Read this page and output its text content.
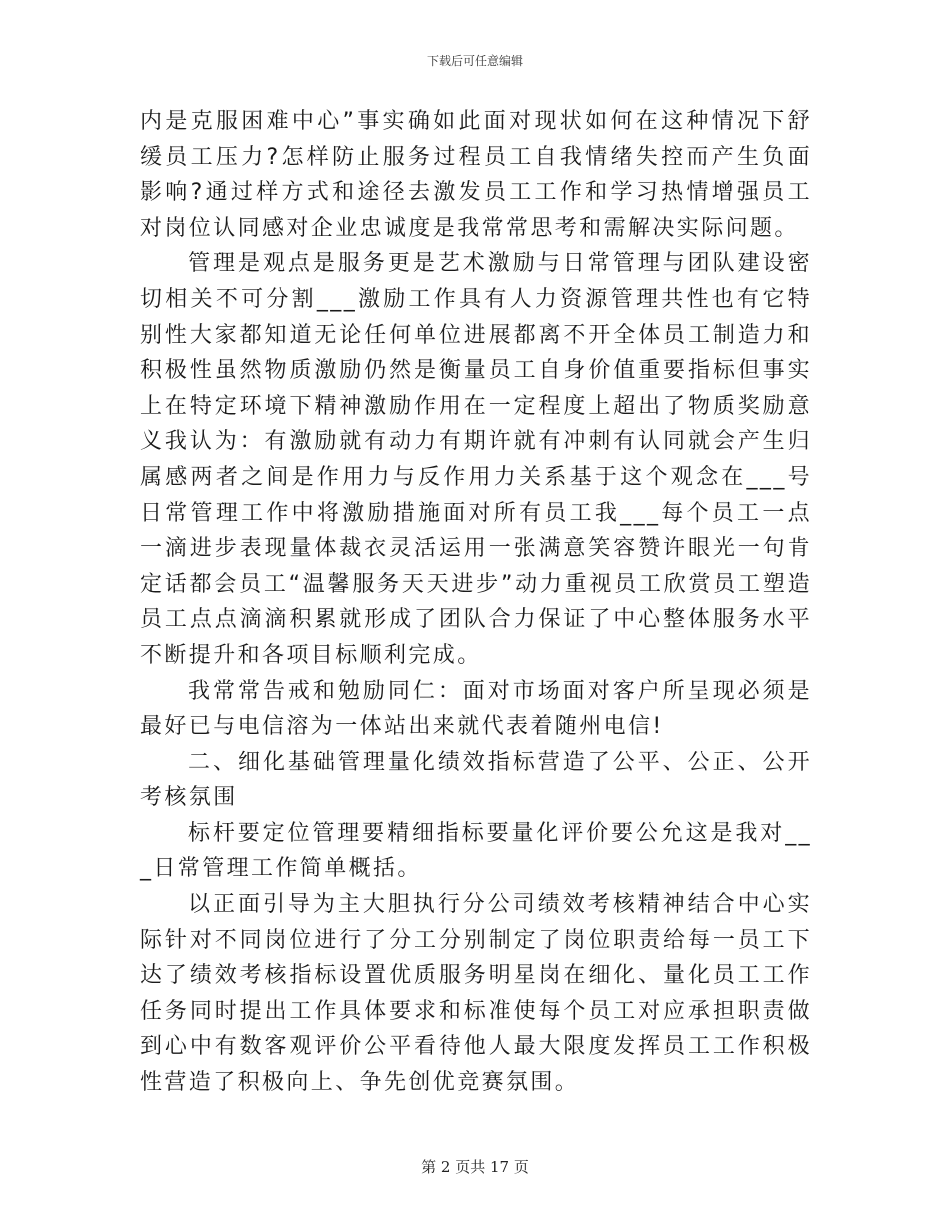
下载后可任意编辑

内是克服困难中心”事实确如此面对现状如何在这种情况下舒缓员工压力?怎样防止服务过程员工自我情绪失控而产生负面影响?通过样方式和途径去激发员工工作和学习热情增强员工对岗位认同感对企业忠诚度是我常常思考和需解决实际问题。

管理是观点是服务更是艺术激励与日常管理与团队建设密切相关不可分割___激励工作具有人力资源管理共性也有它特别性大家都知道无论任何单位进展都离不开全体员工制造力和积极性虽然物质激励仍然是衡量员工自身价值重要指标但事实上在特定环境下精神激励作用在一定程度上超出了物质奖励意义我认为：有激励就有动力有期许就有冲刺有认同就会产生归属感两者之间是作用力与反作用力关系基于这个观念在___号日常管理工作中将激励措施面对所有员工我___每个员工一点一滴进步表现量体裁衣灵活运用一张满意笑容赞许眼光一句肯定话都会员工“温馨服务天天进步”动力重视员工欣赏员工塑造员工点点滴滴积累就形成了团队合力保证了中心整体服务水平不断提升和各项目标顺利完成。

我常常告戒和勉励同仁：面对市场面对客户所呈现必须是最好已与电信溶为一体站出来就代表着随州电信!

二、细化基础管理量化绩效指标营造了公平、公正、公开考核氛围

标杆要定位管理要精细指标要量化评价要公允这是我对___日常管理工作简单概括。

以正面引导为主大胆执行分公司绩效考核精神结合中心实际针对不同岗位进行了分工分别制定了岗位职责给每一员工下达了绩效考核指标设置优质服务明星岗在细化、量化员工工作任务同时提出工作具体要求和标准使每个员工对应承担职责做到心中有数客观评价公平看待他人最大限度发挥员工工作积极性营造了积极向上、争先创优竞赛氛围。

第 2 页共 17 页
